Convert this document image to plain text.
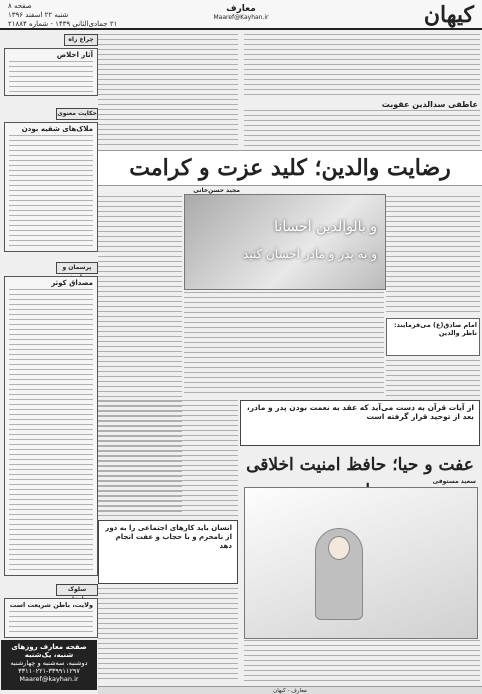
کیهان
معارف
Maaref@Kayhan.ir
صفحه ۸
شنبه ۲۲ اسفند ۱۳۹۶
۲۱ جمادی‌الثانی ۱۴۳۹ - شماره ۲۱۸۸۴
عاطفی سدالدین عقوبت
چراغ راه
آثار اخلاص
حکایت معنوی
ملاک‌های شقیه بودن
پرسمان و
مصداق کوثر
سلوک
ولایت، باطن شریعت است
صفحه معارف روزهای شنبه، یک‌شنبه
دوشنبه، سه‌شنبه و چهارشنبه
۳۳۱۱۰۲۲۱-۳۳۹۹۱۱۲۹۷
Maaref@kayhan.ir
رضایت والدین؛ کلید عزت و کرامت
مجید حسن‌خانی
و بالوالدین احسانا
و به پدر و مادر احسان کنید
امام صادق(ع) می‌فرمایند: ناطر والدین
از آیات قرآن به دست می‌آید که عقد به نعمت بودن پدر و مادر، بعد از توحید قرار گرفته است
عفت و حیا؛ حافظ امنیت اخلاقی
سعید مستوفی
انسان باید کارهای اجتماعی را به دور از نامحرم و با حجاب و عفت انجام دهد
معارف - کیهان
